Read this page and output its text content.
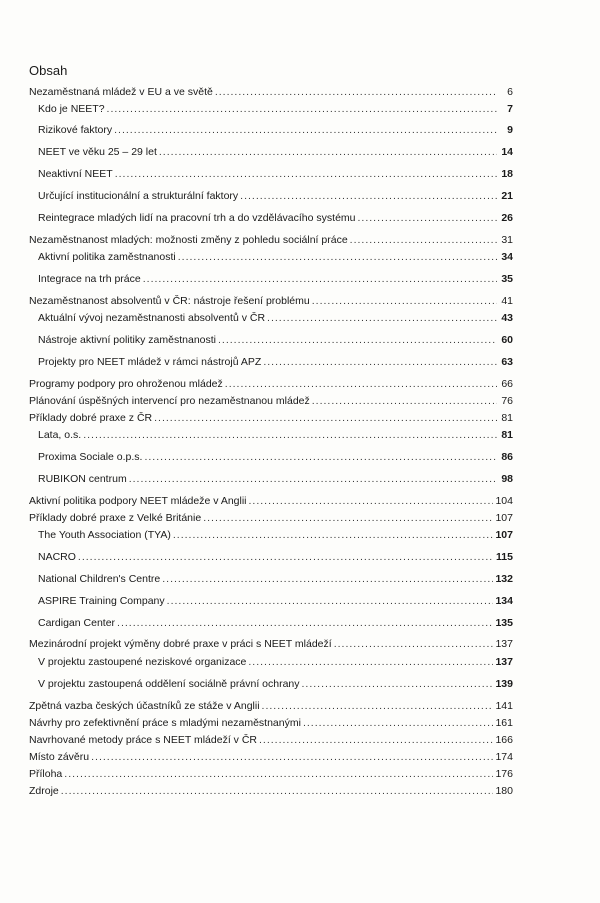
Obsah
Nezaměstnaná mládež v EU a ve světě .....	6
Kdo je NEET? .....	7
Rizikové faktory .....	9
NEET ve věku 25 – 29 let .....	14
Neaktivní NEET .....	18
Určující institucionální a strukturální faktory .....	21
Reintegrace mladých lidí na pracovní trh a do vzdělávacího systému .....	26
Nezaměstnanost mladých: možnosti změny z pohledu sociální práce .....	31
Aktivní politika zaměstnanosti .....	34
Integrace na trh práce .....	35
Nezaměstnanost absolventů v ČR: nástroje řešení problému .....	41
Aktuální vývoj nezaměstnanosti absolventů v ČR .....	43
Nástroje aktivní politiky zaměstnanosti .....	60
Projekty pro NEET mládež v rámci nástrojů APZ .....	63
Programy podpory pro ohroženou mládež .....	66
Plánování úspěšných intervencí pro nezaměstnanou mládež .....	76
Příklady dobré praxe z ČR .....	81
Lata, o.s. .....	81
Proxima Sociale o.p.s. .....	86
RUBIKON centrum .....	98
Aktivní politika podpory NEET mládeže v Anglii .....	104
Příklady dobré praxe z Velké Británie .....	107
The Youth Association (TYA) .....	107
NACRO .....	115
National Children's Centre .....	132
ASPIRE Training Company .....	134
Cardigan Center .....	135
Mezinárodní projekt výměny dobré praxe v práci s NEET mládeží .....	137
V projektu zastoupené neziskové organizace .....	137
V projektu zastoupená oddělení sociálně právní ochrany .....	139
Zpětná vazba českých účastníků ze stáže v Anglii .....	141
Návrhy pro zefektivnění práce s mladými nezaměstnanými .....	161
Navrhované metody práce s NEET mládeží v ČR .....	166
Místo závěru .....	174
Příloha .....	176
Zdroje .....	180
